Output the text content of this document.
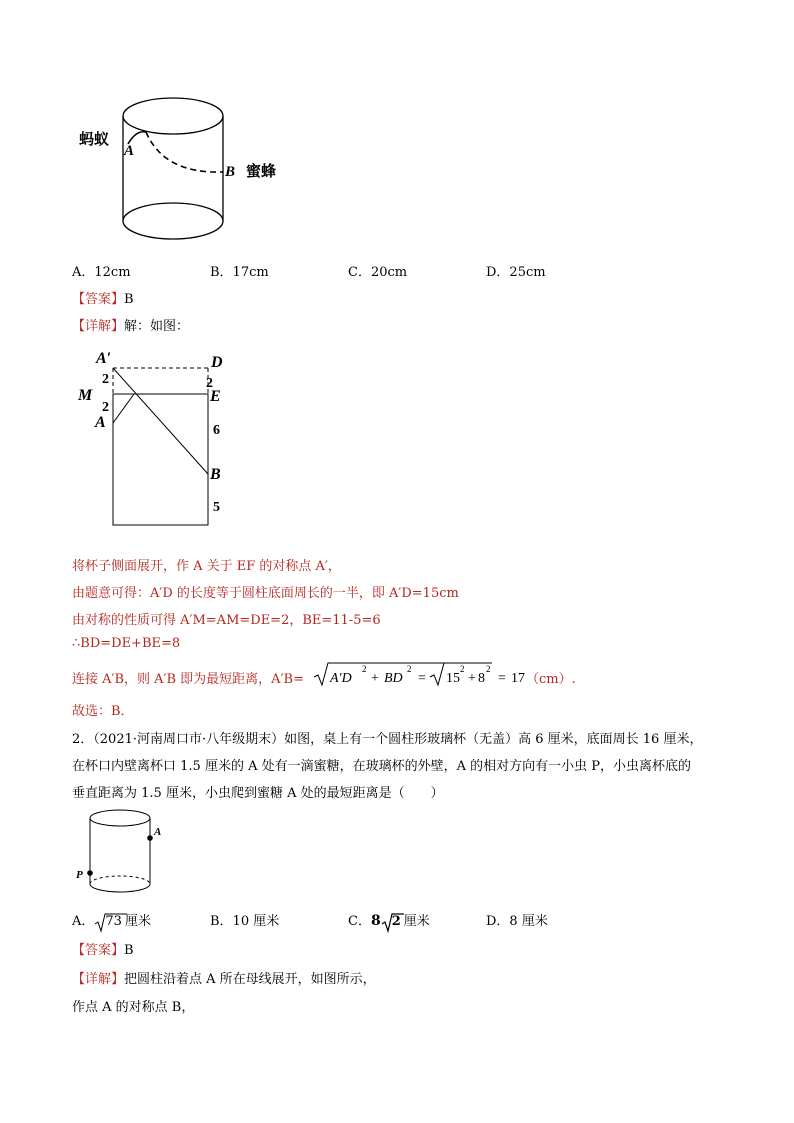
蚂蚁
A
B 蜜蜂
A．12cm	B．17cm	C．20cm	D．25cm
【答案】B
【详解】解：如图：
A′	D
M	E
A
B
2
2
2
6
5
将杯子侧面展开，作 A 关于 EF 的对称点 A′，
由题意可得：A′D 的长度等于圆柱底面周长的一半，即 A′D=15cm
由对称的性质可得 A′M=AM=DE=2，BE=11-5=6
∴BD=DE+BE=8
连接 A′B，则 A′B 即为最短距离，A′B= A′D
2
+ BD
2
= 15
2
+ 8
2
= 17 （cm）.
故选：B．
2．（2021·河南周口市·八年级期末）如图，桌上有一个圆柱形玻璃杯（无盖）高 6 厘米，底面周长 16 厘米，
在杯口内壁离杯口 1.5 厘米的 A 处有一滴蜜糖，在玻璃杯的外壁，A 的相对方向有一小虫 P，小虫离杯底的
垂直距离为 1.5 厘米，小虫爬到蜜糖 A 处的最短距离是（　　）
A
P
A． 73 厘米	B．10 厘米	C．8 2 厘米	D．8 厘米
【答案】B
【详解】把圆柱沿着点 A 所在母线展开，如图所示，
作点 A 的对称点 B，
